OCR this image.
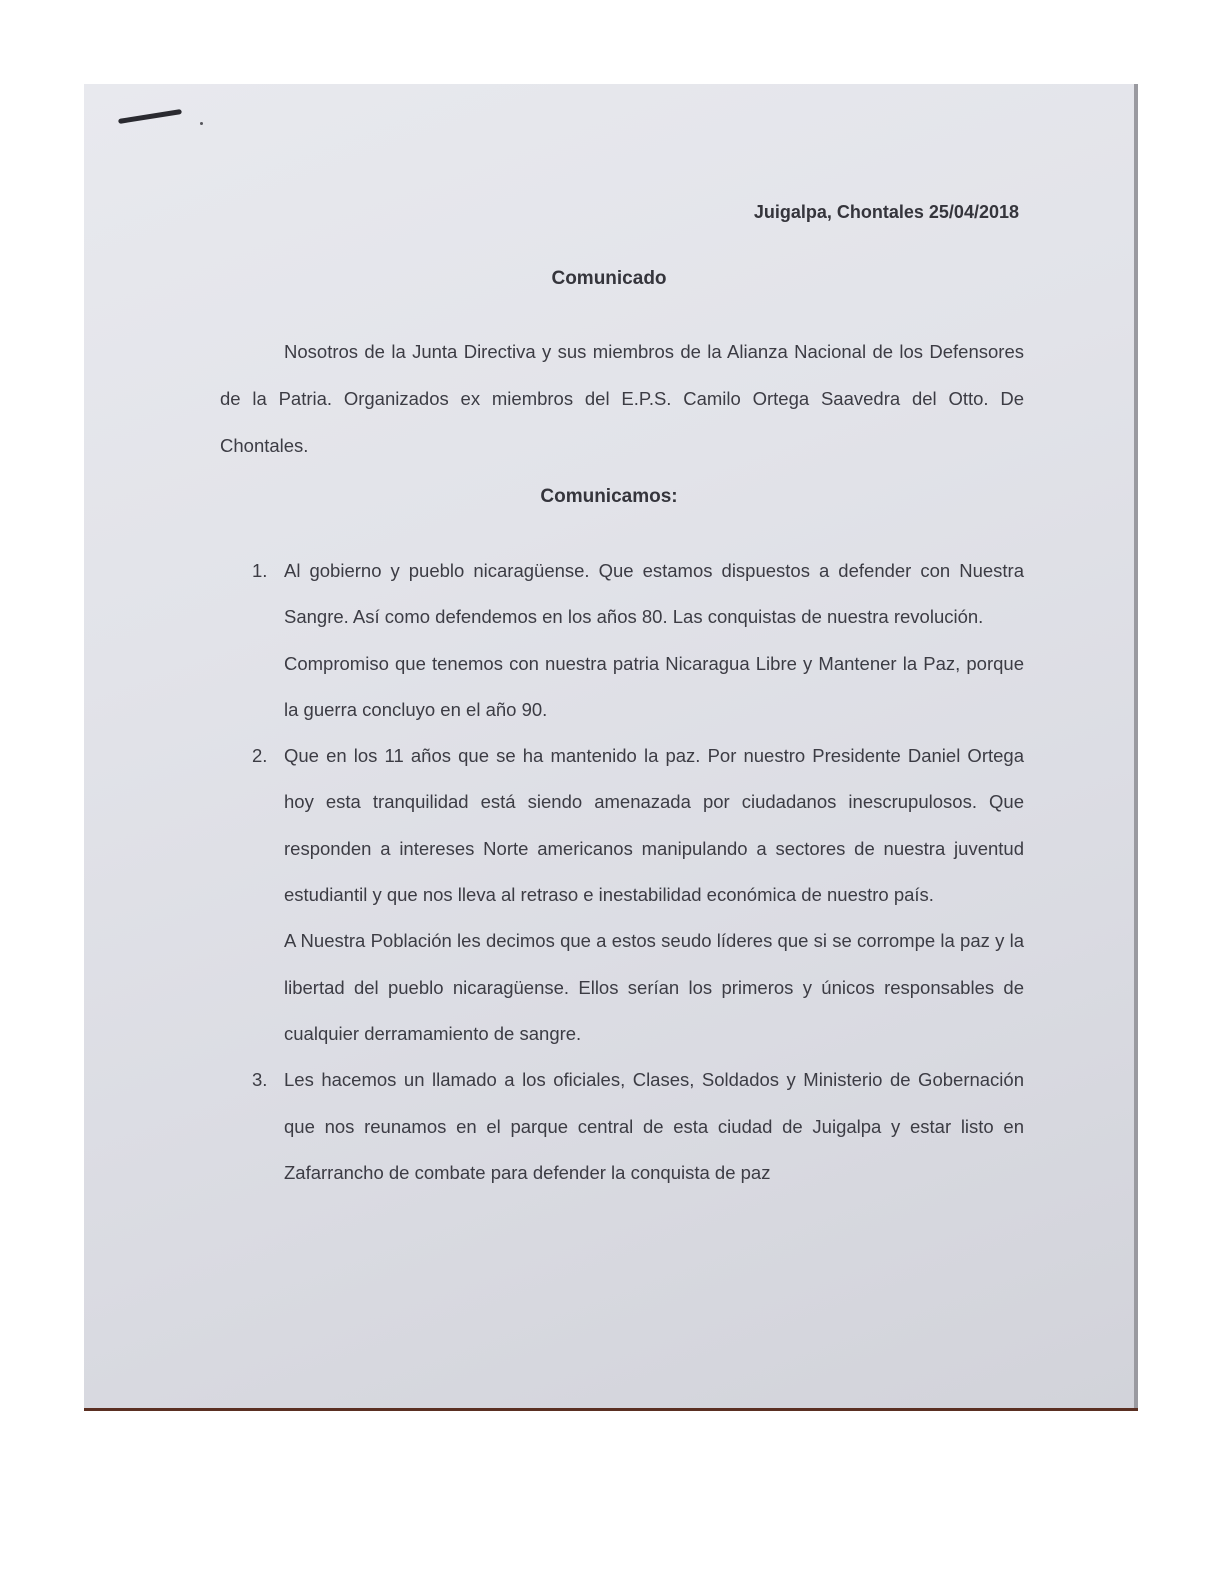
Juigalpa, Chontales 25/04/2018
Comunicado

Nosotros de la Junta Directiva y sus miembros de la Alianza Nacional de los Defensores de la Patria. Organizados ex miembros del E.P.S. Camilo Ortega Saavedra del Otto. De Chontales.

Comunicamos:
1. Al gobierno y pueblo nicaragüense. Que estamos dispuestos a defender con Nuestra Sangre. Así como defendemos en los años 80. Las conquistas de nuestra revolución.

Compromiso que tenemos con nuestra patria Nicaragua Libre y Mantener la Paz, porque la guerra concluyo en el año 90.

2. Que en los 11 años que se ha mantenido la paz. Por nuestro Presidente Daniel Ortega hoy esta tranquilidad está siendo amenazada por ciudadanos inescrupulosos. Que responden a intereses Norte americanos manipulando a sectores de nuestra juventud estudiantil y que nos lleva al retraso e inestabilidad económica de nuestro país.

A Nuestra Población les decimos que a estos seudo líderes que si se corrompe la paz y la libertad del pueblo nicaragüense. Ellos serían los primeros y únicos responsables de cualquier derramamiento de sangre.

3. Les hacemos un llamado a los oficiales, Clases, Soldados y Ministerio de Gobernación que nos reunamos en el parque central de esta ciudad de Juigalpa y estar listo en Zafarrancho de combate para defender la conquista de paz
